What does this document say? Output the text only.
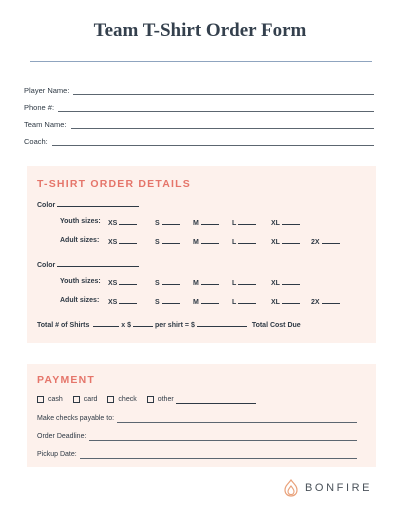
Team T-Shirt Order Form
Player Name:
Phone #:
Team Name:
Coach:
T-SHIRT ORDER DETAILS
Color
Youth sizes: XS	S	M	L	XL
Adult sizes: XS	S	M	L	XL	2X
Color
Youth sizes: XS	S	M	L	XL
Adult sizes: XS	S	M	L	XL	2X
Total # of Shirts	x $	per shirt = $	Total Cost Due
PAYMENT
cash	card	check	other
Make checks payable to:
Order Deadline:
Pickup Date:
BONFIRE
